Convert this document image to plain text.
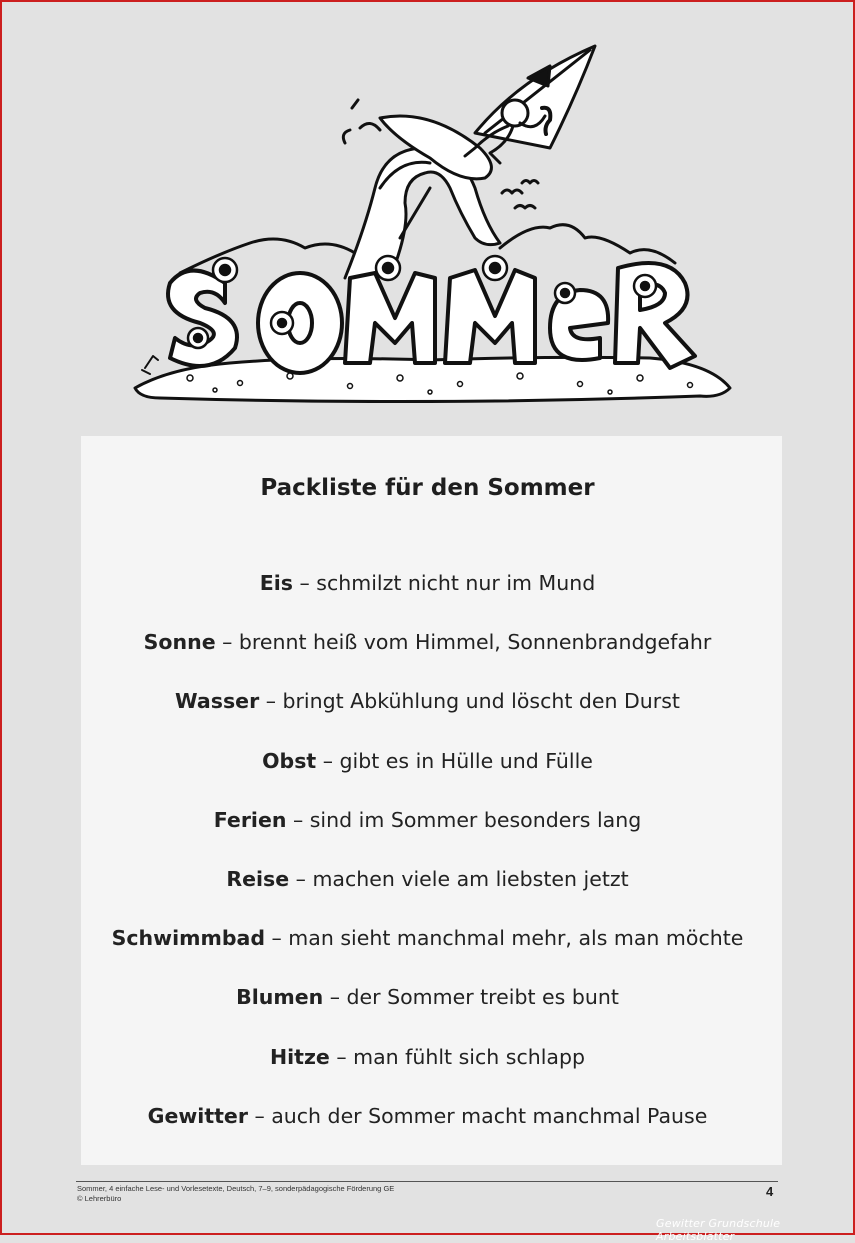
Packliste für den Sommer
Eis – schmilzt nicht nur im Mund
Sonne – brennt heiß vom Himmel, Sonnenbrandgefahr
Wasser – bringt Abkühlung und löscht den Durst
Obst – gibt es in Hülle und Fülle
Ferien – sind im Sommer besonders lang
Reise – machen viele am liebsten jetzt
Schwimmbad – man sieht manchmal mehr, als man möchte
Blumen – der Sommer treibt es bunt
Hitze – man fühlt sich schlapp
Gewitter – auch der Sommer macht manchmal Pause
Sommer, 4 einfache Lese- und Vorlesetexte, Deutsch, 7–9, sonderpädagogische Förderung GE
© Lehrerbüro	4
Gewitter Grundschule Arbeitsblätter
